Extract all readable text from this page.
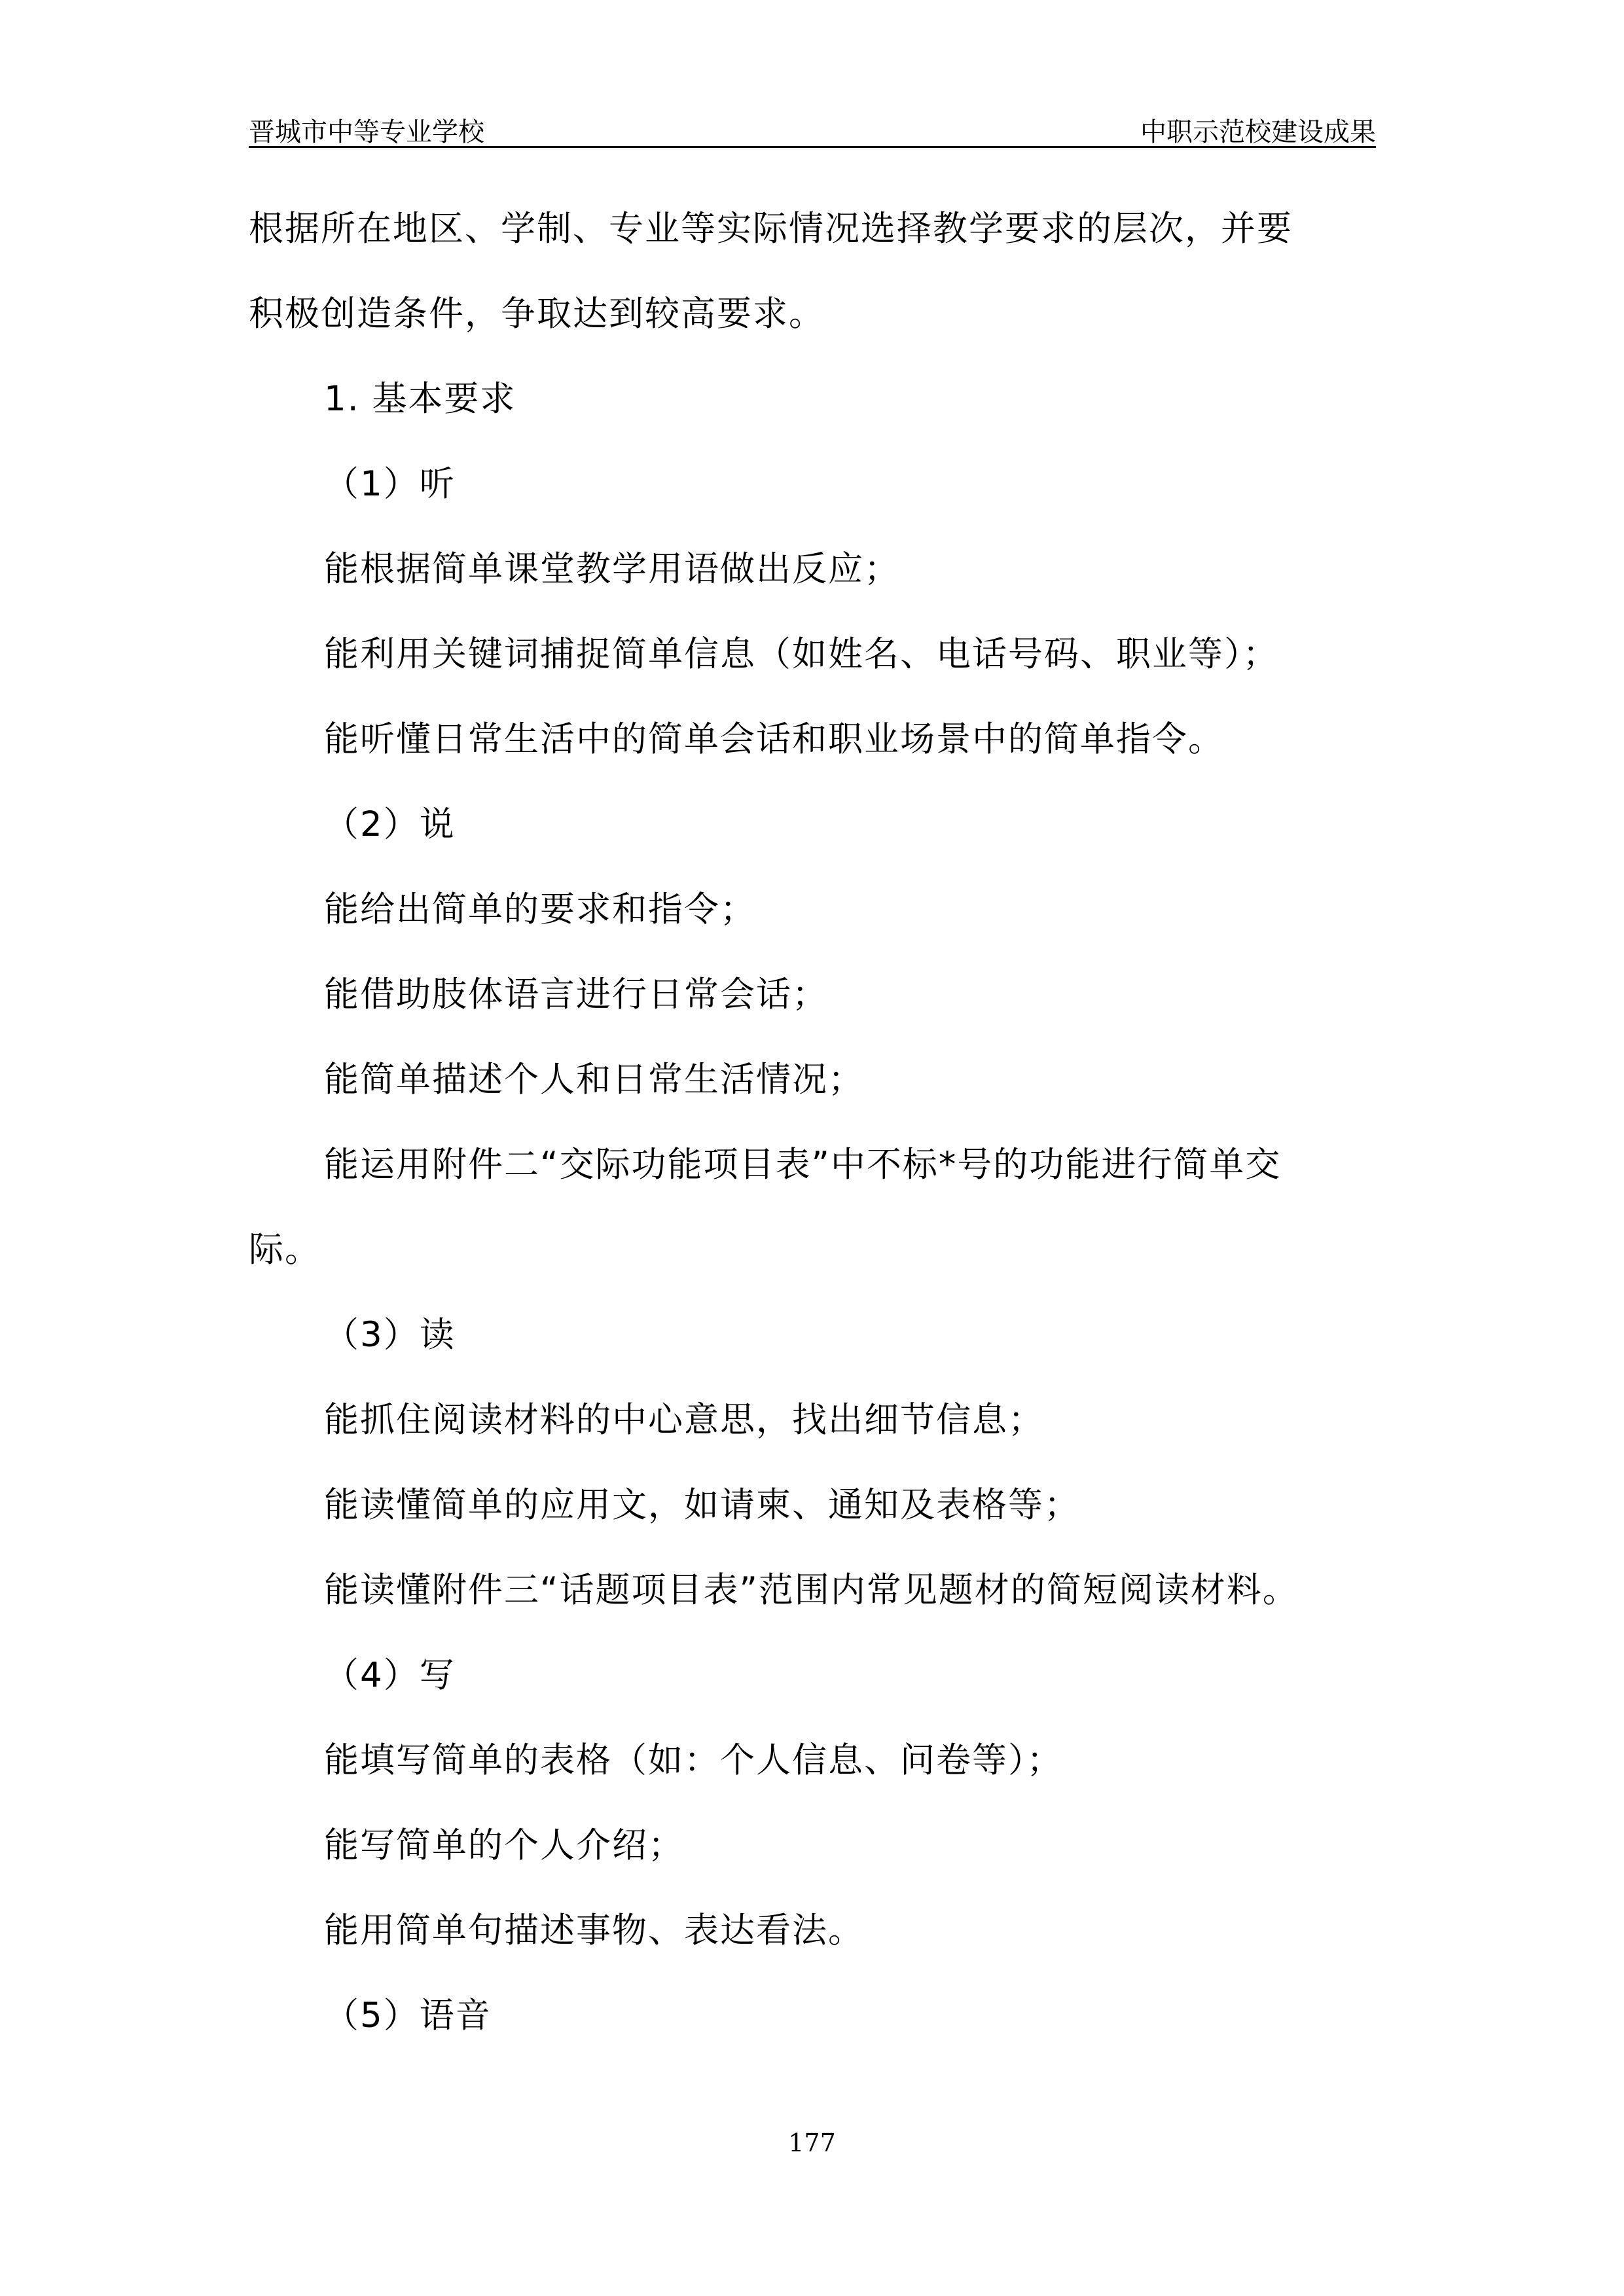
晋城市中等专业学校	中职示范校建设成果
根据所在地区、学制、专业等实际情况选择教学要求的层次，并要
积极创造条件，争取达到较高要求。
1. 基本要求
（1）听
能根据简单课堂教学用语做出反应；
能利用关键词捕捉简单信息（如姓名、电话号码、职业等）；
能听懂日常生活中的简单会话和职业场景中的简单指令。
（2）说
能给出简单的要求和指令；
能借助肢体语言进行日常会话；
能简单描述个人和日常生活情况；
能运用附件二“交际功能项目表”中不标*号的功能进行简单交
际。
（3）读
能抓住阅读材料的中心意思，找出细节信息；
能读懂简单的应用文，如请柬、通知及表格等；
能读懂附件三“话题项目表”范围内常见题材的简短阅读材料。
（4）写
能填写简单的表格（如：个人信息、问卷等）；
能写简单的个人介绍；
能用简单句描述事物、表达看法。
（5）语音
177
